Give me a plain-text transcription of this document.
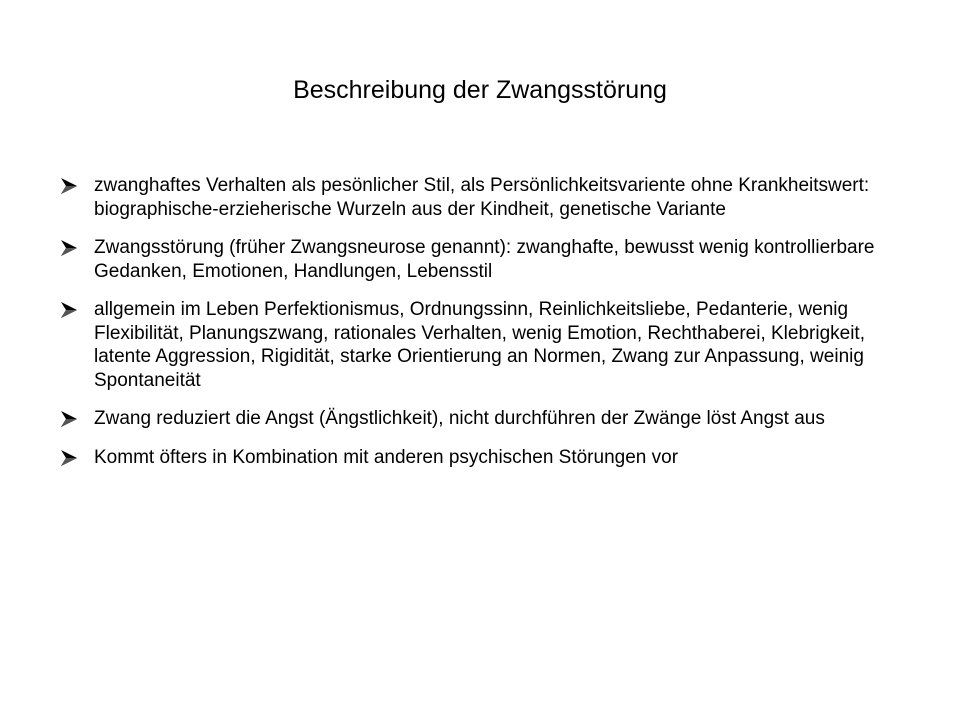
Beschreibung der Zwangsstörung
zwanghaftes Verhalten als pesönlicher Stil, als Persönlichkeitsvariente ohne Krankheitswert: biographische-erzieherische Wurzeln aus der Kindheit, genetische Variante
Zwangsstörung (früher Zwangsneurose genannt): zwanghafte, bewusst wenig kontrollierbare Gedanken, Emotionen, Handlungen, Lebensstil
allgemein im Leben Perfektionismus, Ordnungssinn, Reinlichkeitsliebe, Pedanterie, wenig Flexibilität, Planungszwang, rationales Verhalten, wenig Emotion, Rechthaberei, Klebrigkeit, latente Aggression, Rigidität, starke Orientierung an Normen, Zwang zur Anpassung, weinig Spontaneität
Zwang reduziert die Angst (Ängstlichkeit), nicht durchführen der Zwänge löst Angst aus
Kommt öfters in Kombination mit anderen psychischen Störungen vor
